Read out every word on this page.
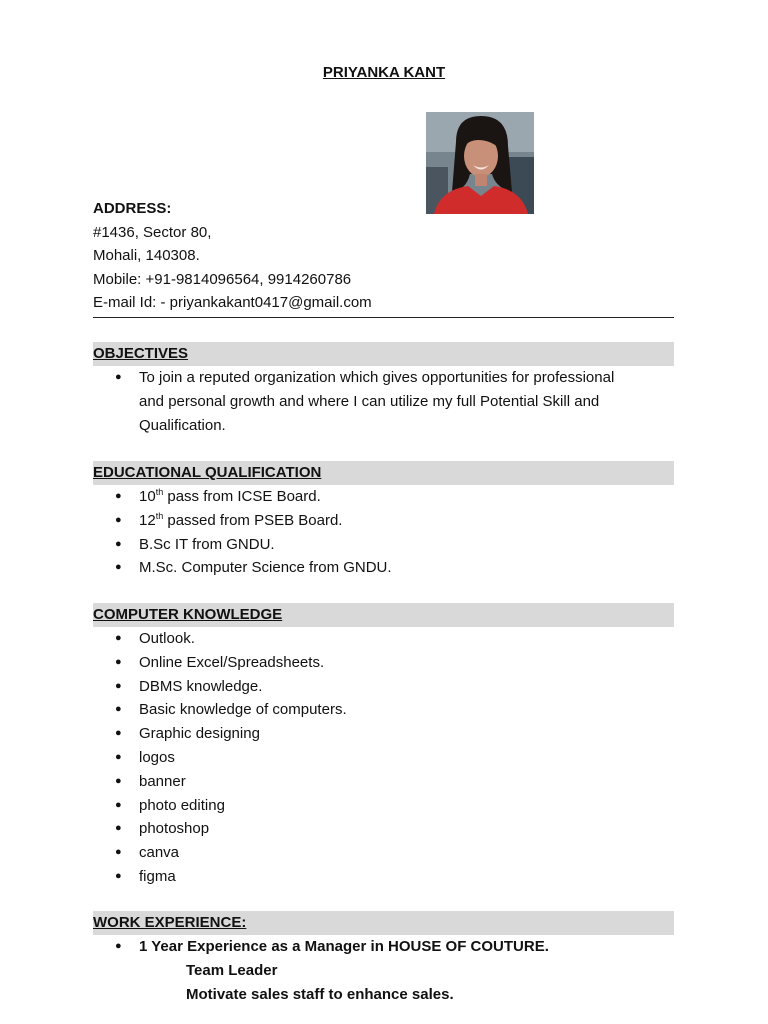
PRIYANKA KANT
ADDRESS:
#1436, Sector 80,
Mohali, 140308.
Mobile: +91-9814096564, 9914260786
E-mail Id: - priyankakant0417@gmail.com
OBJECTIVES
● To join a reputed organization which gives opportunities for professional
and personal growth and where I can utilize my full Potential Skill and
Qualification.
EDUCATIONAL QUALIFICATION
● 10th pass from ICSE Board.
● 12th passed from PSEB Board.
● B.Sc IT from GNDU.
● M.Sc. Computer Science from GNDU.
COMPUTER KNOWLEDGE
● Outlook.
● Online Excel/Spreadsheets.
● DBMS knowledge.
● Basic knowledge of computers.
● Graphic designing
● logos
● banner
● photo editing
● photoshop
● canva
● figma
WORK EXPERIENCE:
● 1 Year Experience as a Manager in HOUSE OF COUTURE.
Team Leader
Motivate sales staff to enhance sales.
